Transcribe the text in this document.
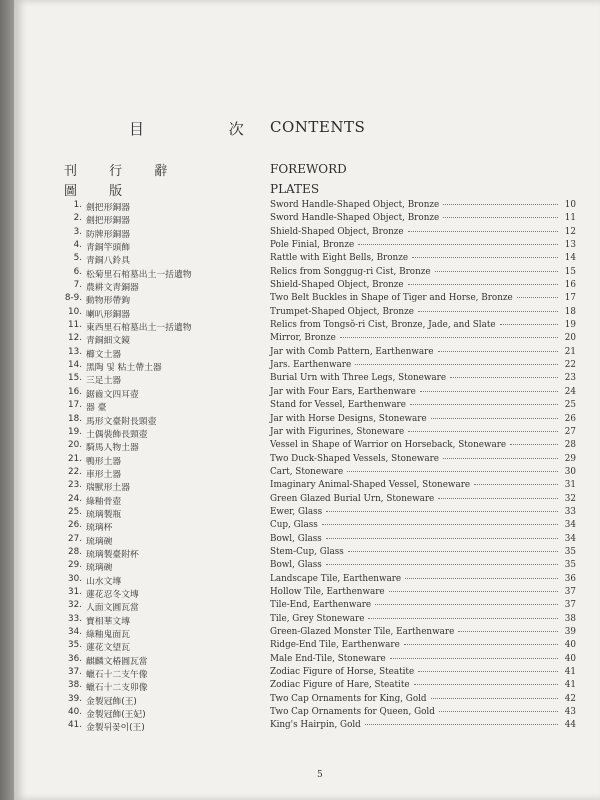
目 次
CONTENTS
刊 行 辭	FOREWORD
圖 版	PLATES
1. 劍把形銅器	Sword Handle-Shaped Object, Bronze	10
2. 劍把形銅器	Sword Handle-Shaped Object, Bronze	11
3. 防牌形銅器	Shield-Shaped Object, Bronze	12
4. 靑銅竿頭飾	Pole Finial, Bronze	13
5. 靑銅八鈴具	Rattle with Eight Bells, Bronze	14
6. 松菊里石棺墓出土一括遺物	Relics from Songgug-ri Cist, Bronze	15
7. 農耕文靑銅器	Shield-Shaped Object, Bronze	16
8-9. 動物形帶鉤	Two Belt Buckles in Shape of Tiger and Horse, Bronze	17
10. 喇叭形銅器	Trumpet-Shaped Object, Bronze	18
11. 東西里石棺墓出土一括遺物	Relics from Tongsŏ-ri Cist, Bronze, Jade, and Slate	19
12. 靑銅細文鏡	Mirror, Bronze	20
13. 櫛文土器	Jar with Comb Pattern, Earthenware	21
14. 黑陶 및 粘土帶土器	Jars. Earthenware	22
15. 三足土器	Burial Urn with Three Legs, Stoneware	23
16. 鋸齒文四耳壺	Jar with Four Ears, Earthenware	24
17. 器 臺	Stand for Vessel, Earthenware	25
18. 馬形文臺附長頸壺	Jar with Horse Designs, Stoneware	26
19. 土偶裝飾長頸壺	Jar with Figurines, Stoneware	27
20. 騎馬人物土器	Vessel in Shape of Warrior on Horseback, Stoneware	28
21. 鴨形土器	Two Duck-Shaped Vessels, Stoneware	29
22. 車形土器	Cart, Stoneware	30
23. 瑞獸形土器	Imaginary Animal-Shaped Vessel, Stoneware	31
24. 綠釉骨壺	Green Glazed Burial Urn, Stoneware	32
25. 琉璃製瓶	Ewer, Glass	33
26. 琉璃杯	Cup, Glass	34
27. 琉璃碗	Bowl, Glass	34
28. 琉璃製臺附杯	Stem-Cup, Glass	35
29. 琉璃碗	Bowl, Glass	35
30. 山水文塼	Landscape Tile, Earthenware	36
31. 蓮花忍冬文塼	Hollow Tile, Earthenware	37
32. 人面文圓瓦當	Tile-End, Earthenware	37
33. 寶相華文塼	Tile, Grey Stoneware	38
34. 綠釉鬼面瓦	Green-Glazed Monster Tile, Earthenware	39
35. 蓮花文望瓦	Ridge-End Tile, Earthenware	40
36. 麒麟文椿圓瓦當	Male End-Tile, Stoneware	40
37. 蠟石十二支午像	Zodiac Figure of Horse, Steatite	41
38. 蠟石十二支卯像	Zodiac Figure of Hare, Steatite	41
39. 金製冠飾(王)	Two Cap Ornaments for King, Gold	42
40. 金製冠飾(王妃)	Two Cap Ornaments for Queen, Gold	43
41. 金製뒤꽂이(王)	King's Hairpin, Gold	44
5
